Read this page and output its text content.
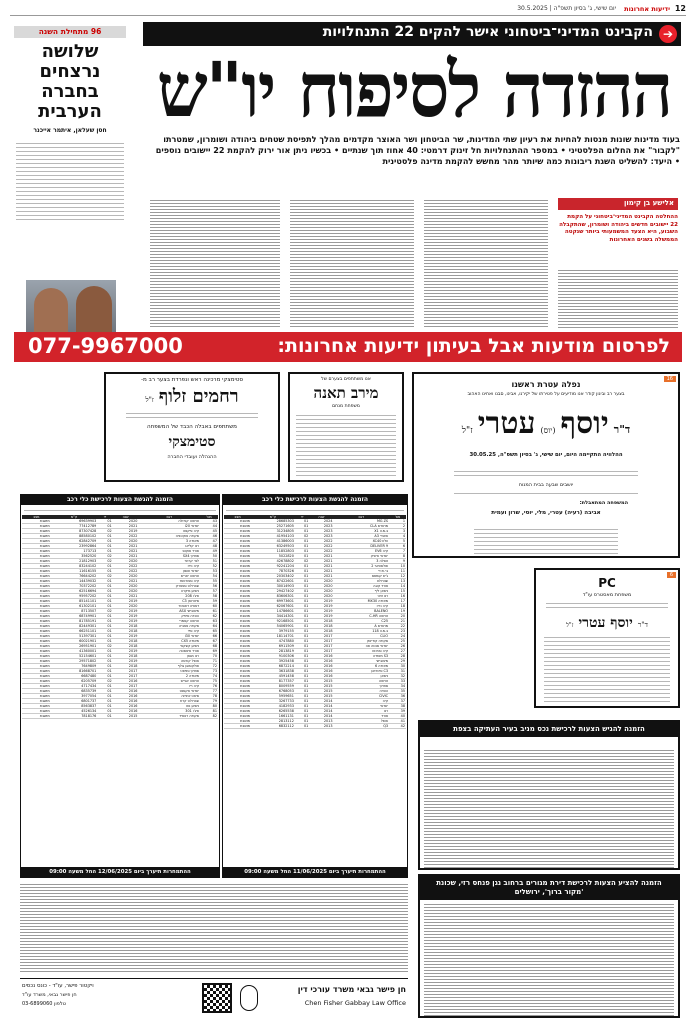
12
ידיעות אחרונות
יום שישי, ג' בסיון תשפ"ה | 30.5.2025
96 מתחילת השנה
שלושה נרצחים בחברה הערבית
חסן שעלאן, איתמר אייכנר
➔
הקבינט המדיני־ביטחוני אישר להקים 22 התנחלויות
ההזדה לסיפוח יו"ש
בעוד מדינות שונות מנסות להחיות את רעיון שתי המדינות, שר הביטחון ושר האוצר מקדמים מהלך לתפיסת שטחים ביהודה ושומרון, שמטרתו "לקבור" את החלום הפלסטיני • במספר ההתנחלויות חל זינוק דרמטי: 40 אחוז תוך שנתיים • בכשיו ניתן אור ירוק להקמת 22 יישובים נוספים • היעד: להשליט השגת ריבונות כמה שיותר מהר מחשש להקמת מדינה פלסטינית
אלישע בן קימון
ההחלטה הקבינט המדיני־ביטחוני על הקמת 22 יישובים חדשים ביהודה ושומרון, שהתקבלה השבוע, היא הצעד המשמעותי ביותר שנקטה הממשלה בשנים האחרונות
לפרסום מודעות אבל בעיתון ידיעות אחרונות:
077-9967000
16
נפלה עטרת ראשנו
בצער רב וביגון קודר אנו מודיעים על פטירתו של יקירנו, אבינו, סבנו ואחינו האהוב
ד"ר יוסף (יוס) עטרי ז"ל
ההלוויה התקיימה היום, יום שישי, ג' בסיון תשפ"ה, 30.05.25
יושבים שבעה בבית המנוח
המשפחה המתאבלת:
אביבה (רעיה) עטרי, מלי, יוסי, שרון ועמית
אנו משתתפים בצערם של
מירב תאנה
משפחת מנחם
סטימצקי מרכינה ראש ונפרדת בצער רב מ-
רחמים זלוף ז"ל
משתתפים באבלה הכבד של המשפחה
סטימצקי
ההנהלה ועובדי החברה
הזמנה להגשת הצעות לרכישת כלי רכב
מס'	דגם	שנה	יד	ק"מ	מצב
43	טויוטה קורולה	2020	01	69639903	מושבת
44	יונדאי i20	2021	01	77412789	מושבת
45	קיה פיקנטו	2019	02	87307428	מושבת
46	סקודה אוקטביה	2022	01	88580102	מושבת
47	מאזדה 3	2020	01	62842709	מושבת
48	רנו קליאו	2021	01	23992864	מושבת
49	פורד פוקוס	2021	01	173713	מושבת
50	סוזוקי SX4	2021	02	3562520	מושבת
51	לנד קרוזר	2020	02	21812903	מושבת
52	קיה נירו	2022	01	83244102	מושבת
53	יונדאי טוסון	2022	01	11616155	מושבת
54	טויוטה יאריס	2020	02	76644202	מושבת
55	קיה ספורטאז	2021	01	14439032	מושבת
56	שברולט ספארק	2020	01	70372202	מושבת
57	ניסאן מיקרה	2020	01	62516694	מושבת
58	פיג'ו 208	2021	01	95957202	מושבת
59	סיטרואן C3	2019	01	85141101	מושבת
60	דאציה דאסטר	2020	01	61302101	מושבת
61	מיצובישי ASX	2019	02	8713507	מושבת
62	הונדה סיוויק	2019	01	68749901	מושבת
63	טויוטה קאמרי	2019	01	81785191	מושבת
64	סקודה פאביה	2018	01	82449301	מושבת
65	קיה סיד	2018	01	66251101	מושבת
66	יונדאי i30	2019	01	51397301	מושבת
67	מאזדה CX5	2018	01	60021901	מושבת
68	ניסאן קשקאי	2018	02	26951901	מושבת
69	פורד פיאסטה	2019	01	41360001	מושבת
70	רנו מגאן	2018	01	52154601	מושבת
71	אופל קורסה	2019	01	29571802	מושבת
72	פולקסווגן גולף	2018	01	7649809	מושבת
73	סוזוקי סוויפט	2017	01	81668701	מושבת
74	מאזדה 2	2017	01	6687480	מושבת
75	טויוטה אוריס	2016	02	6205709	מושבת
76	קיה ריו	2017	01	4717434	מושבת
77	יונדאי אקסנט	2016	01	6835739	מושבת
78	סיאט איביזה	2016	01	3977054	מושבת
79	שברולט קרוז	2016	01	6801737	מושבת
80	ניסאן נוט	2016	01	8563837	מושבת
81	פיג'ו 301	2016	01	4526134	מושבת
82	סקודה ראפיד	2015	01	7818176	מושבת
ההתמחרות תיערך ביום 12/06/2025 החל משעה 09:00
הזמנה להגשת הצעות לרכישת כלי רכב
מס'	דגם	שנה	יד	ק"מ	מצב
1	MG ZS	2024	01	28685303	מושבת
2	מרצדס CLA	2023	01	25271605	מושבת
3	ב.מ.וו X1	2023	01	31234805	מושבת
4	אאודי A3	2023	02	41954103	מושבת
5	וולוו XC40	2022	01	41386003	מושבת
6	DELIVER 9	2022	01	63249503	מושבת
7	קיה EV6	2022	01	11852803	מושבת
8	יונדאי איוניק	2021	01	5022820	מושבת
9	טסלה 3	2021	02	42678802	מושבת
10	פולסטאר 2	2021	01	92241204	מושבת
11	בי.ווי.די	2021	01	7870326	מושבת
12	ג'יפ קומפס	2021	01	20303402	מושבת
13	שברולט	2020	01	87422601	מושבת
14	פורד קוגה	2020	01	30014903	מושבת
15	ניסאן ליף	2020	01	29427402	מושבת
16	רנו זואי	2020	01	83606301	מושבת
17	מאזדה MX30	2019	01	69973601	מושבת
18	קיה נירו	2019	01	62067601	מושבת
19	BALENO	2019	01	14786601	מושבת
20	טויוטה C-HR	2019	01	34414301	מושבת
21	C25	2018	01	92168501	מושבת
22	מרצדס A	2018	01	54065901	מושבת
23	ב.מ.וו 118	2018	01	3979155	מושבת
24	CLIO	2017	01	18114701	מושבת
25	סקודה קודיאק	2017	01	4747880	מושבת
26	יונדאי סנטה פה	2017	01	6911509	מושבת
27	קיה סורנטו	2017	01	2813819	מושבת
28	S3 מאזדה	2016	01	9100306	מושבת
29	מיצובישי	2016	01	3925458	מושבת
30	מאזדה 6	2016	01	6872214	מושבת
31	C3 סיטרואן	2016	01	3631838	מושבת
32	ניסאן	2016	01	4591458	מושבת
33	טויוטה	2015	01	8177357	מושבת
34	סוזוקי	2015	01	8009559	מושבת
35	הונדה	2015	01	6768053	מושבת
36	CIVIC	2015	01	5959651	מושבת
37	קיה	2014	01	3267733	מושבת
38	יונדאי	2014	01	4182933	מושבת
39	רנו	2014	01	6265538	מושבת
40	פורד	2014	01	1661131	מושבת
41	אופל	2013	01	2813112	מושבת
42	Q3	2013	01	6832112	מושבת
ההתמחרות תיערך ביום 11/06/2025 החל משעה 09:00
חן פישר גבאי משרד עורכי דין
Chen Fisher Gabbay Law Office
ויקטור פישר, עו"ד - כונס נכסים
חן פישר גבאי, משרד עו"ד
טלפון 03-6899060
6
PC
משפחת מאסטרס עו"ד
ד"ר יוסף עטרי ז"ל
הזמנה להגיש הצעות לרכישת נכס מניב בעיר העתיקה בצפת
הזמנה להציע הצעות לרכישת דירת מגורים ברחוב נגן פנחס רזי, שכונת 'מקור ברוך', ירושלים
